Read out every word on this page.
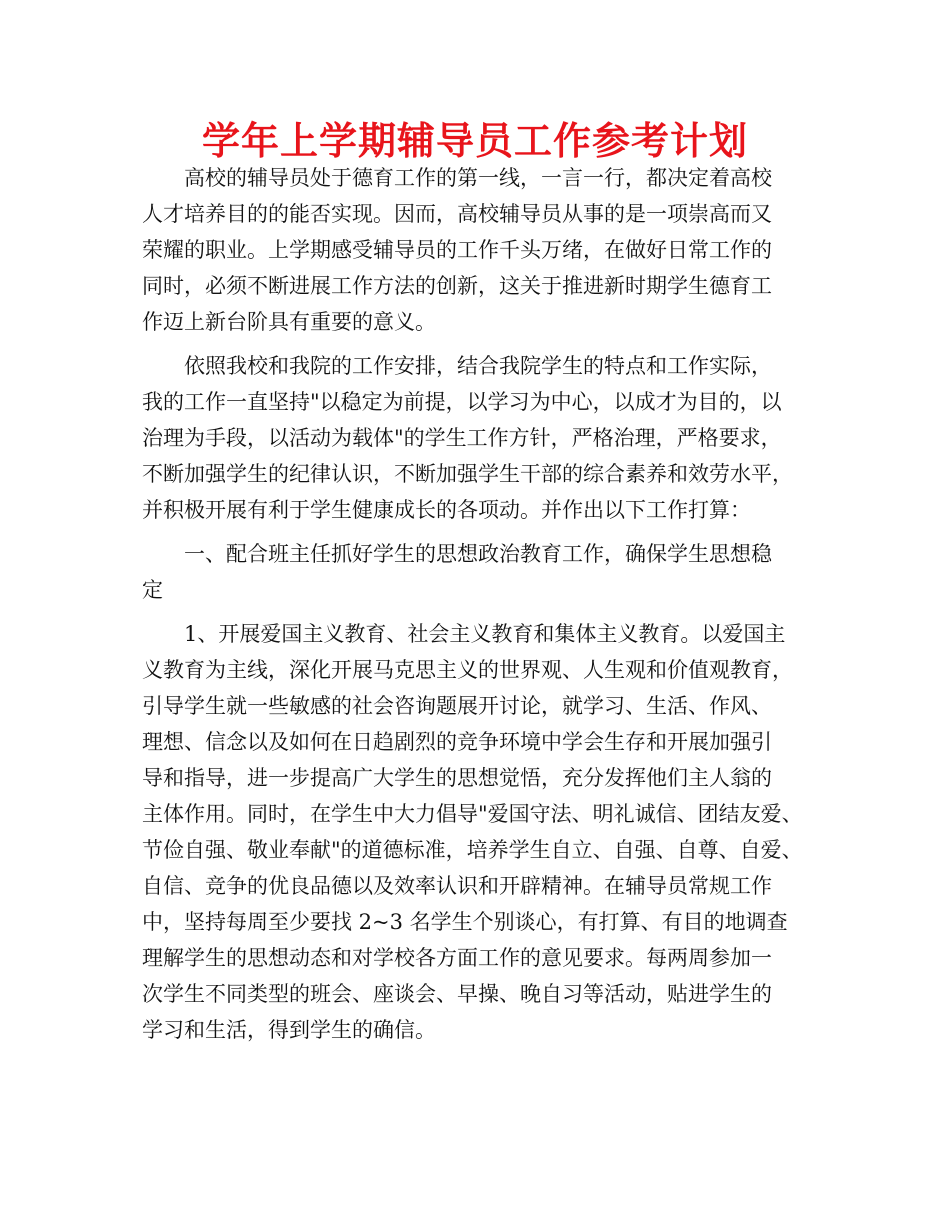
学年上学期辅导员工作参考计划
高校的辅导员处于德育工作的第一线，一言一行，都决定着高校
人才培养目的的能否实现。因而，高校辅导员从事的是一项崇高而又
荣耀的职业。上学期感受辅导员的工作千头万绪，在做好日常工作的
同时，必须不断进展工作方法的创新，这关于推进新时期学生德育工
作迈上新台阶具有重要的意义。
依照我校和我院的工作安排，结合我院学生的特点和工作实际，
我的工作一直坚持"以稳定为前提，以学习为中心，以成才为目的，以
治理为手段，以活动为载体"的学生工作方针，严格治理，严格要求，
不断加强学生的纪律认识，不断加强学生干部的综合素养和效劳水平，
并积极开展有利于学生健康成长的各项动。并作出以下工作打算：
一、配合班主任抓好学生的思想政治教育工作，确保学生思想稳
定
1、开展爱国主义教育、社会主义教育和集体主义教育。以爱国主
义教育为主线，深化开展马克思主义的世界观、人生观和价值观教育，
引导学生就一些敏感的社会咨询题展开讨论，就学习、生活、作风、
理想、信念以及如何在日趋剧烈的竞争环境中学会生存和开展加强引
导和指导，进一步提高广大学生的思想觉悟，充分发挥他们主人翁的
主体作用。同时，在学生中大力倡导"爱国守法、明礼诚信、团结友爱、
节俭自强、敬业奉献"的道德标准，培养学生自立、自强、自尊、自爱、
自信、竞争的优良品德以及效率认识和开辟精神。在辅导员常规工作
中，坚持每周至少要找 2~3 名学生个别谈心，有打算、有目的地调查
理解学生的思想动态和对学校各方面工作的意见要求。每两周参加一
次学生不同类型的班会、座谈会、早操、晚自习等活动，贴进学生的
学习和生活，得到学生的确信。
